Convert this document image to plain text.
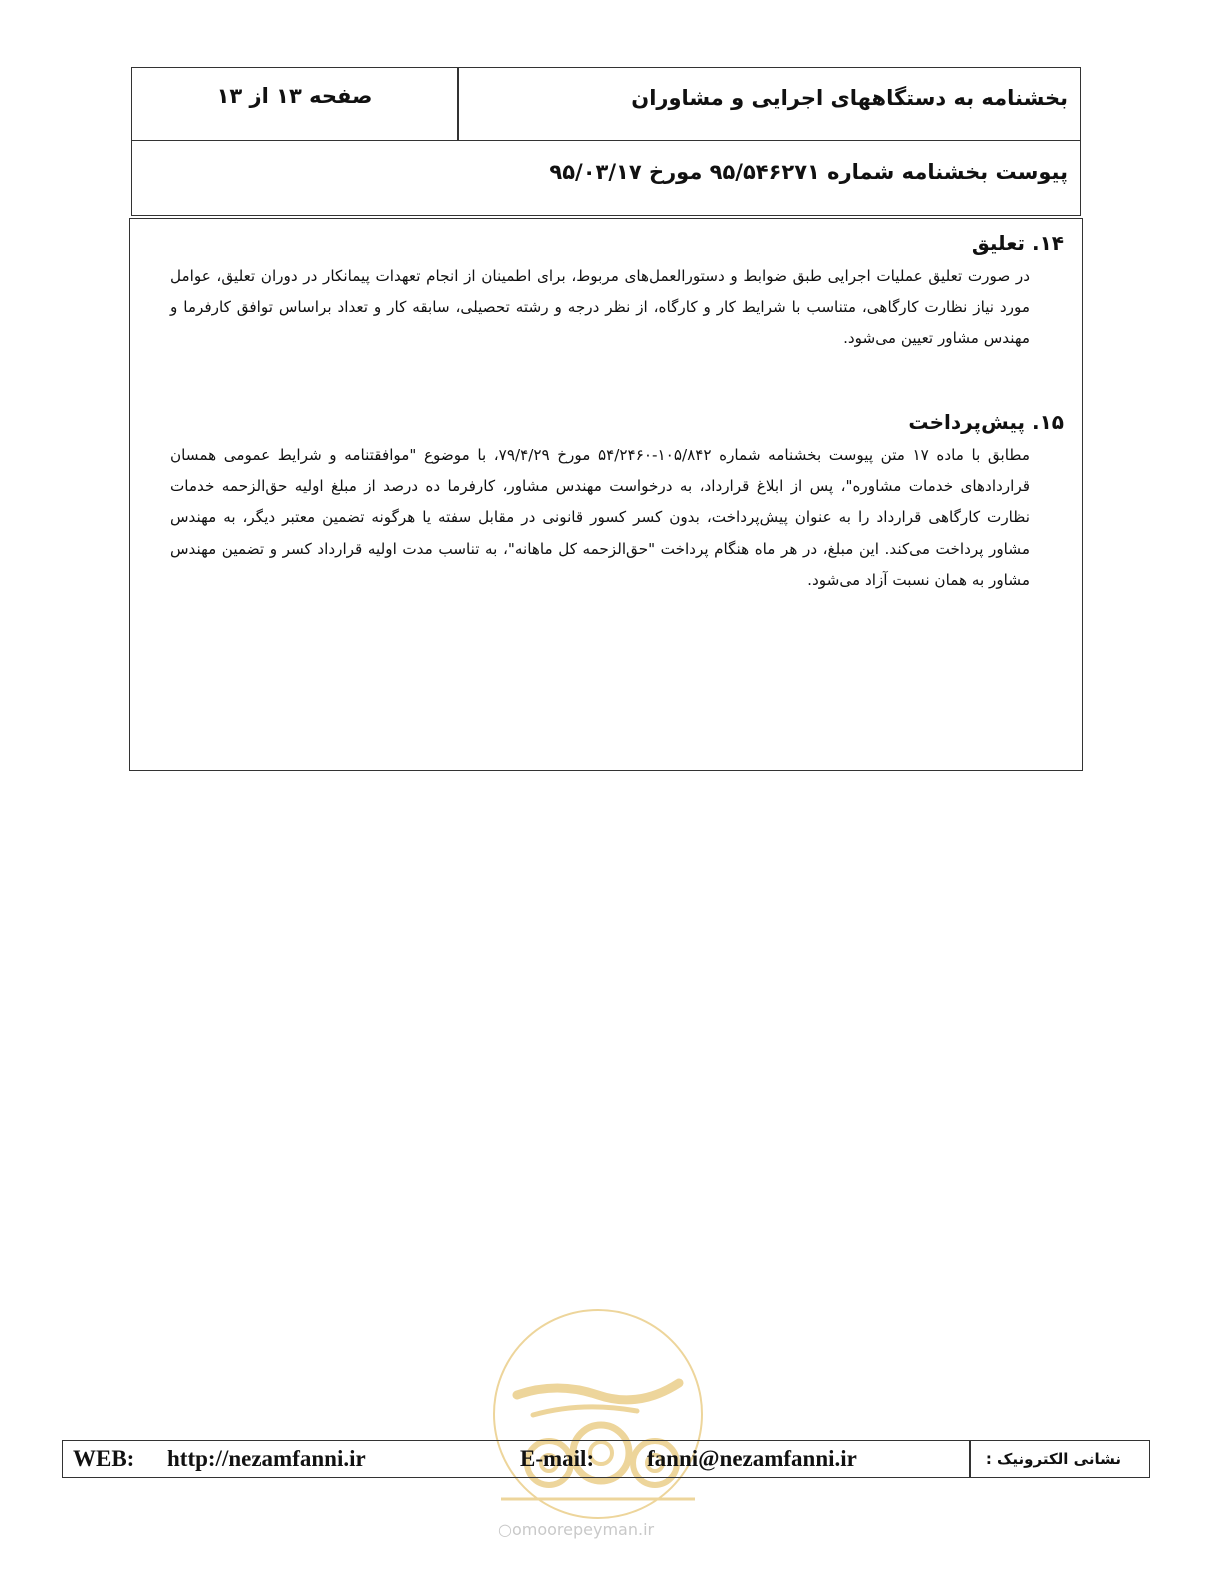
بخشنامه به دستگاههای اجرایی و مشاوران
صفحه ۱۳ از ۱۳
پیوست بخشنامه شماره ۹۵/۵۴۶۲۷۱ مورخ ۹۵/۰۳/۱۷
۱۴. تعلیق

در صورت تعلیق عملیات اجرایی طبق ضوابط و دستورالعمل‌های مربوط، برای اطمینان از انجام تعهدات پیمانکار در دوران تعلیق، عوامل مورد نیاز نظارت کارگاهی، متناسب با شرایط کار و کارگاه، از نظر درجه و رشته تحصیلی، سابقه کار و تعداد براساس توافق کارفرما و مهندس مشاور تعیین می‌شود.

۱۵. پیش‌پرداخت

مطابق با ماده ۱۷ متن پیوست بخشنامه شماره ۱۰۵/۸۴۲-۵۴/۲۴۶۰ مورخ ۷۹/۴/۲۹، با موضوع "موافقتنامه و شرایط عمومی همسان قراردادهای خدمات مشاوره"، پس از ابلاغ قرارداد، به درخواست مهندس مشاور، کارفرما ده درصد از مبلغ اولیه حق‌الزحمه خدمات نظارت کارگاهی قرارداد را به عنوان پیش‌پرداخت، بدون کسر کسور قانونی در مقابل سفته یا هرگونه تضمین معتبر دیگر، به مهندس مشاور پرداخت می‌کند. این مبلغ، در هر ماه هنگام پرداخت "حق‌الزحمه کل ماهانه"، به تناسب مدت اولیه قرارداد کسر و تضمین مهندس مشاور به همان نسبت آزاد می‌شود.

WEB: http://nezamfanni.ir	E-mail: fanni@nezamfanni.ir	نشانی الکترونیک :
○omoorepeyman.ir
